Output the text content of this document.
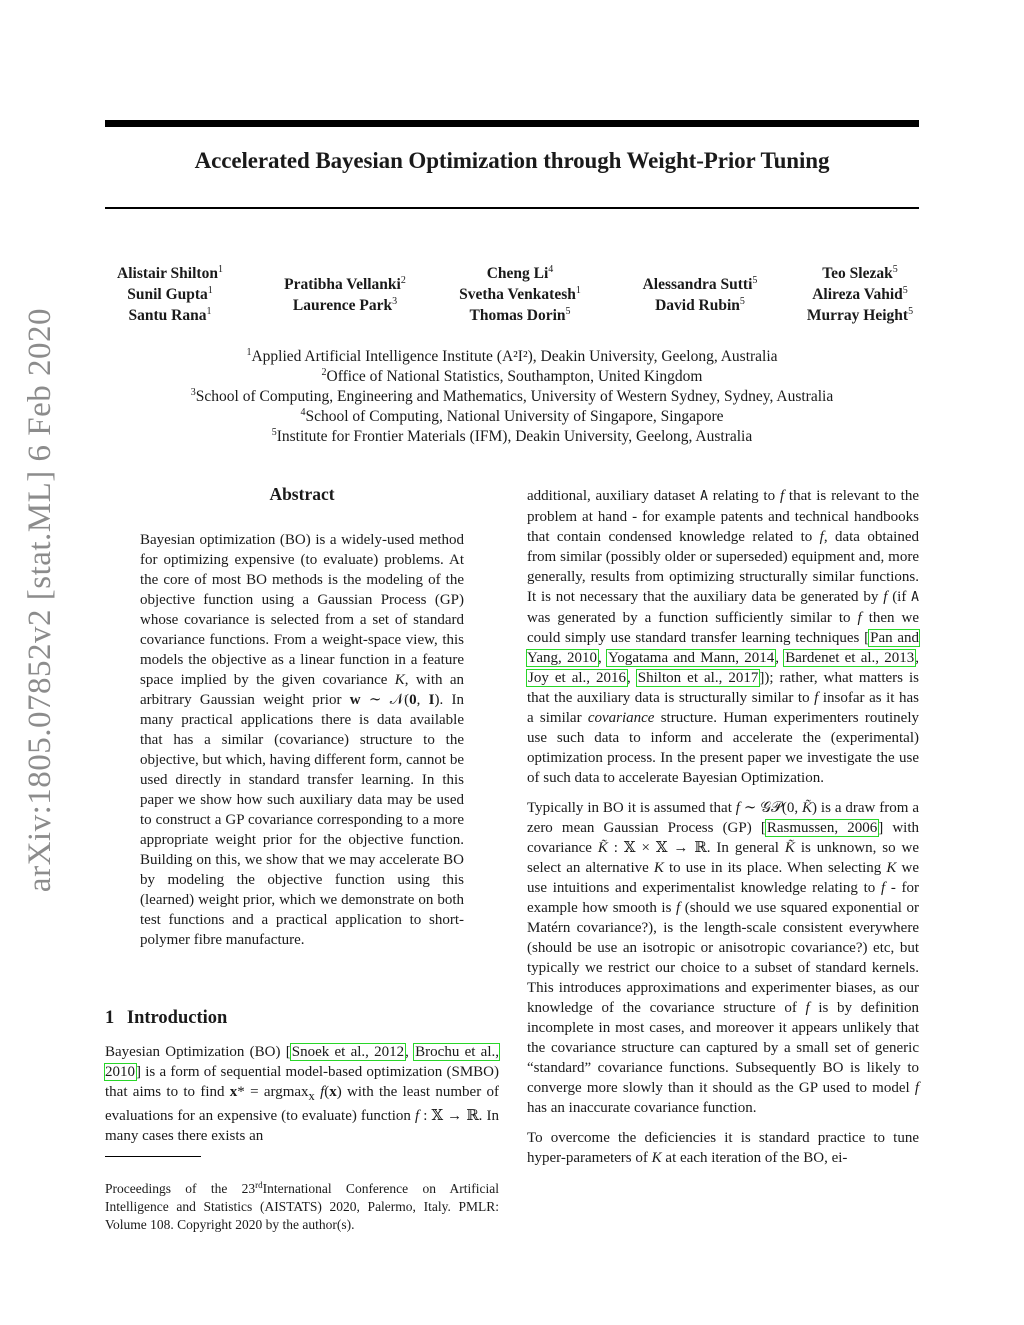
Accelerated Bayesian Optimization through Weight-Prior Tuning
arXiv:1805.07852v2 [stat.ML] 6 Feb 2020
Alistair Shilton$^1$
Sunil Gupta$^1$
Santu Rana$^1$
Pratibha Vellanki$^2$
Laurence Park$^3$
Cheng Li$^4$
Svetha Venkatesh$^1$
Thomas Dorin$^5$
Alessandra Sutti$^5$
David Rubin$^5$
Teo Slezak$^5$
Alireza Vahid$^5$
Murray Height$^5$
$^1$Applied Artificial Intelligence Institute (A²I²), Deakin University, Geelong, Australia
$^2$Office of National Statistics, Southampton, United Kingdom
$^3$School of Computing, Engineering and Mathematics, University of Western Sydney, Sydney, Australia
$^4$School of Computing, National University of Singapore, Singapore
$^5$Institute for Frontier Materials (IFM), Deakin University, Geelong, Australia
Abstract
Bayesian optimization (BO) is a widely-used method for optimizing expensive (to evaluate) problems. At the core of most BO methods is the modeling of the objective function using a Gaussian Process (GP) whose covariance is selected from a set of standard covariance functions. From a weight-space view, this models the objective as a linear function in a feature space implied by the given covariance K, with an arbitrary Gaussian weight prior w ∼ 𝒩(0, I). In many practical applications there is data available that has a similar (covariance) structure to the objective, but which, having different form, cannot be used directly in standard transfer learning. In this paper we show how such auxiliary data may be used to construct a GP covariance corresponding to a more appropriate weight prior for the objective function. Building on this, we show that we may accelerate BO by modeling the objective function using this (learned) weight prior, which we demonstrate on both test functions and a practical application to short-polymer fibre manufacture.
1 Introduction
Bayesian Optimization (BO) [Snoek et al., 2012, Brochu et al., 2010] is a form of sequential model-based optimization (SMBO) that aims to to find x* = argmax$_x$ f(x) with the least number of evaluations for an expensive (to evaluate) function f : 𝕏 → ℝ. In many cases there exists an
Proceedings of the 23rdInternational Conference on Artificial Intelligence and Statistics (AISTATS) 2020, Palermo, Italy. PMLR: Volume 108. Copyright 2020 by the author(s).

additional, auxiliary dataset A relating to f that is relevant to the problem at hand - for example patents and technical handbooks that contain condensed knowledge related to f, data obtained from similar (possibly older or superseded) equipment and, more generally, results from optimizing structurally similar functions. It is not necessary that the auxiliary data be generated by f (if A was generated by a function sufficiently similar to f then we could simply use standard transfer learning techniques [Pan and Yang, 2010, Yogatama and Mann, 2014, Bardenet et al., 2013, Joy et al., 2016, Shilton et al., 2017]); rather, what matters is that the auxiliary data is structurally similar to f insofar as it has a similar covariance structure. Human experimenters routinely use such data to inform and accelerate the (experimental) optimization process. In the present paper we investigate the use of such data to accelerate Bayesian Optimization.

Typically in BO it is assumed that f ∼ 𝒢𝒫(0, K̃) is a draw from a zero mean Gaussian Process (GP) [Rasmussen, 2006] with covariance K̃ : 𝕏 × 𝕏 → ℝ. In general K̃ is unknown, so we select an alternative K to use in its place. When selecting K we use intuitions and experimentalist knowledge relating to f - for example how smooth is f (should we use squared exponential or Matérn covariance?), is the length-scale consistent everywhere (should be use an isotropic or anisotropic covariance?) etc, but typically we restrict our choice to a subset of standard kernels. This introduces approximations and experimenter biases, as our knowledge of the covariance structure of f is by definition incomplete in most cases, and moreover it appears unlikely that the covariance structure can captured by a small set of generic “standard” covariance functions. Subsequently BO is likely to converge more slowly than it should as the GP used to model f has an inaccurate covariance function.

To overcome the deficiencies it is standard practice to tune hyper-parameters of K at each iteration of the BO, ei-
